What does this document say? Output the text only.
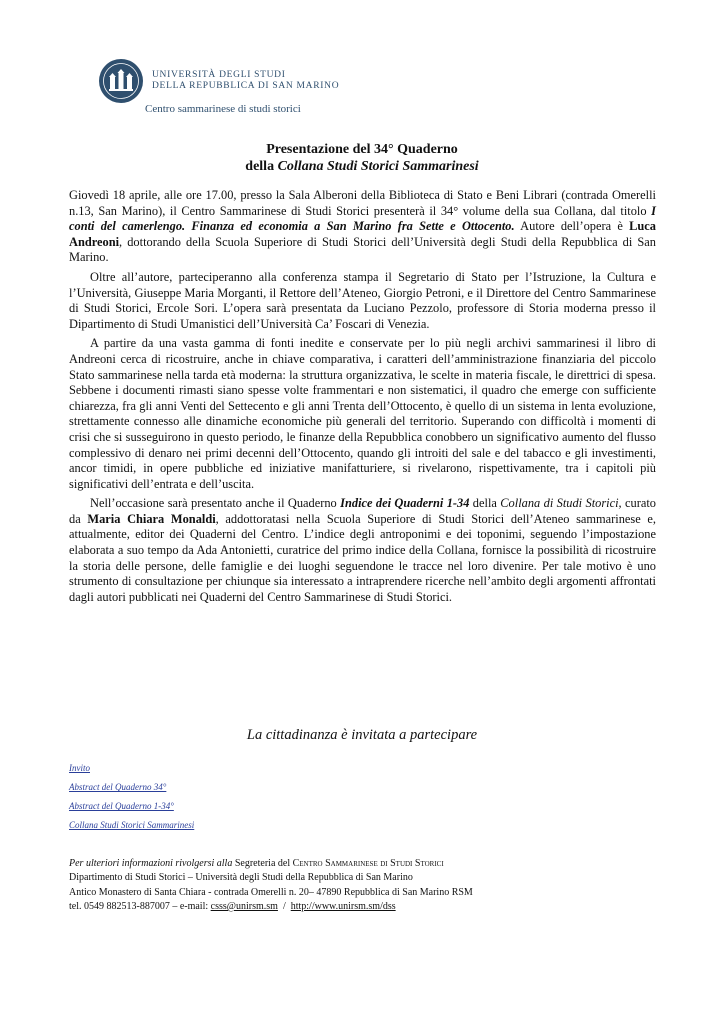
UNIVERSITÀ DEGLI STUDI
DELLA REPUBBLICA DI SAN MARINO
Centro sammarinese di studi storici
Presentazione del 34° Quaderno
della Collana Studi Storici Sammarinesi

Giovedì 18 aprile, alle ore 17.00, presso la Sala Alberoni della Biblioteca di Stato e Beni Librari (contrada Omerelli n.13, San Marino), il Centro Sammarinese di Studi Storici presenterà il 34° volume della sua Collana, dal titolo I conti del camerlengo. Finanza ed economia a San Marino fra Sette e Ottocento. Autore dell’opera è Luca Andreoni, dottorando della Scuola Superiore di Studi Storici dell’Università degli Studi della Repubblica di San Marino.

Oltre all’autore, parteciperanno alla conferenza stampa il Segretario di Stato per l’Istruzione, la Cultura e l’Università, Giuseppe Maria Morganti, il Rettore dell’Ateneo, Giorgio Petroni, e il Direttore del Centro Sammarinese di Studi Storici, Ercole Sori. L’opera sarà presentata da Luciano Pezzolo, professore di Storia moderna presso il Dipartimento di Studi Umanistici dell’Università Ca’ Foscari di Venezia.

A partire da una vasta gamma di fonti inedite e conservate per lo più negli archivi sammarinesi il libro di Andreoni cerca di ricostruire, anche in chiave comparativa, i caratteri dell’amministrazione finanziaria del piccolo Stato sammarinese nella tarda età moderna: la struttura organizzativa, le scelte in materia fiscale, le direttrici di spesa. Sebbene i documenti rimasti siano spesse volte frammentari e non sistematici, il quadro che emerge con sufficiente chiarezza, fra gli anni Venti del Settecento e gli anni Trenta dell’Ottocento, è quello di un sistema in lenta evoluzione, strettamente connesso alle dinamiche economiche più generali del territorio. Superando con difficoltà i momenti di crisi che si susseguirono in questo periodo, le finanze della Repubblica conobbero un significativo aumento del flusso complessivo di denaro nei primi decenni dell’Ottocento, quando gli introiti del sale e del tabacco e gli investimenti, ancor timidi, in opere pubbliche ed iniziative manifatturiere, si rivelarono, rispettivamente, tra i capitoli più significativi dell’entrata e dell’uscita.

Nell’occasione sarà presentato anche il Quaderno Indice dei Quaderni 1-34 della Collana di Studi Storici, curato da Maria Chiara Monaldi, addottoratasi nella Scuola Superiore di Studi Storici dell’Ateneo sammarinese e, attualmente, editor dei Quaderni del Centro. L’indice degli antroponimi e dei toponimi, seguendo l’impostazione elaborata a suo tempo da Ada Antonietti, curatrice del primo indice della Collana, fornisce la possibilità di ricostruire la storia delle persone, delle famiglie e dei luoghi seguendone le tracce nel loro divenire. Per tale motivo è uno strumento di consultazione per chiunque sia interessato a intraprendere ricerche nell’ambito degli argomenti affrontati dagli autori pubblicati nei Quaderni del Centro Sammarinese di Studi Storici.

La cittadinanza è invitata a partecipare
Invito
Abstract del Quaderno 34°
Abstract del Quaderno 1-34°
Collana Studi Storici Sammarinesi
Per ulteriori informazioni rivolgersi alla Segreteria del Centro Sammarinese di Studi Storici
Dipartimento di Studi Storici – Università degli Studi della Repubblica di San Marino
Antico Monastero di Santa Chiara - contrada Omerelli n. 20– 47890 Repubblica di San Marino RSM
tel. 0549 882513-887007 – e-mail: csss@unirsm.sm  /  http://www.unirsm.sm/dss
